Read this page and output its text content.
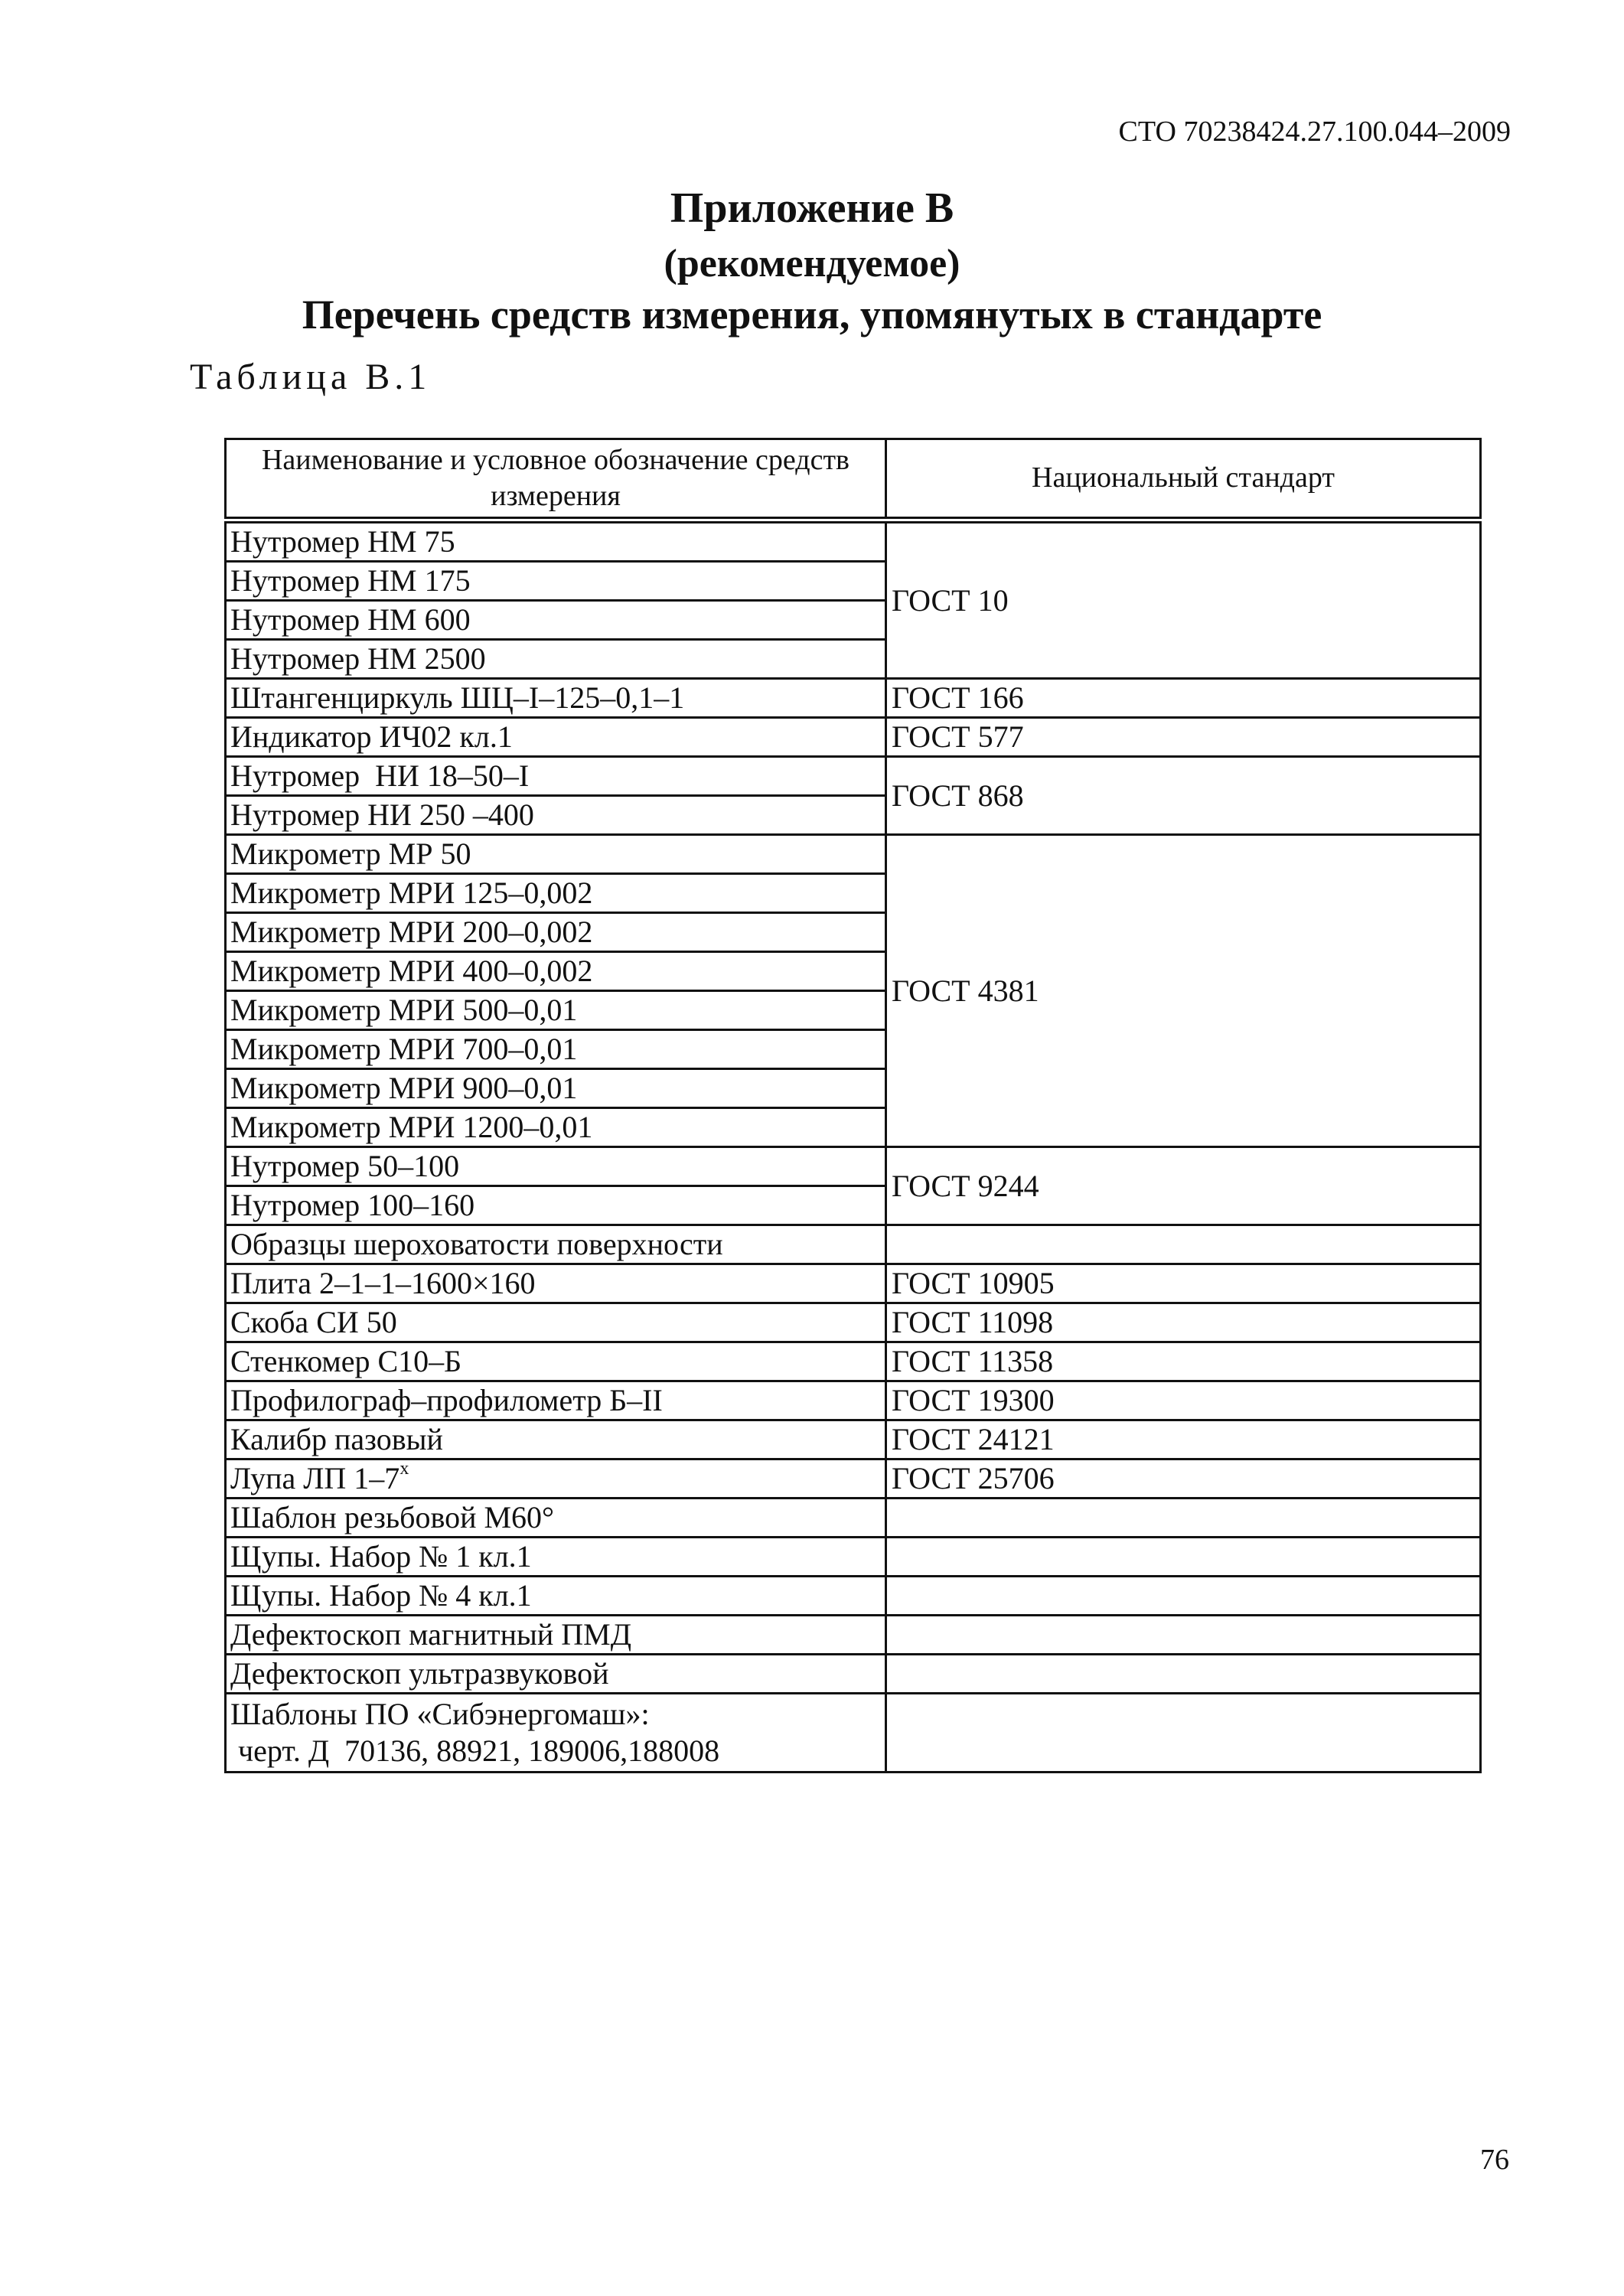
СТО 70238424.27.100.044–2009
Приложение В
(рекомендуемое)
Перечень средств измерения, упомянутых в стандарте
Таблица В.1
Наименование и условное обозначение средств измерения	Национальный стандарт
Нутромер НМ 75	ГОСТ 10
Нутромер НМ 175	
Нутромер НМ 600	
Нутромер НМ 2500	
Штангенциркуль ШЦ–I–125–0,1–1	ГОСТ 166
Индикатор ИЧ02 кл.1	ГОСТ 577
Нутромер  НИ 18–50–I	ГОСТ 868
Нутромер НИ 250 –400	
Микрометр МР 50	ГОСТ 4381
Микрометр МРИ 125–0,002	
Микрометр МРИ 200–0,002	
Микрометр МРИ 400–0,002	
Микрометр МРИ 500–0,01	
Микрометр МРИ 700–0,01	
Микрометр МРИ 900–0,01	
Микрометр МРИ 1200–0,01	
Нутромер 50–100	ГОСТ 9244
Нутромер 100–160	
Образцы шероховатости поверхности	
Плита 2–1–1–1600×160	ГОСТ 10905
Скоба СИ 50	ГОСТ 11098
Стенкомер С10–Б	ГОСТ 11358
Профилограф–профилометр Б–II	ГОСТ 19300
Калибр пазовый	ГОСТ 24121
Лупа ЛП $1-7^х$	ГОСТ 25706
Шаблон резьбовой М60°	
Щупы. Набор № 1 кл.1	
Щупы. Набор № 4 кл.1	
Дефектоскоп магнитный ПМД	
Дефектоскоп ультразвуковой	

Шаблоны ПО «Сибэнергомаш»:
черт. Д  70136, 88921, 189006,188008	

76
